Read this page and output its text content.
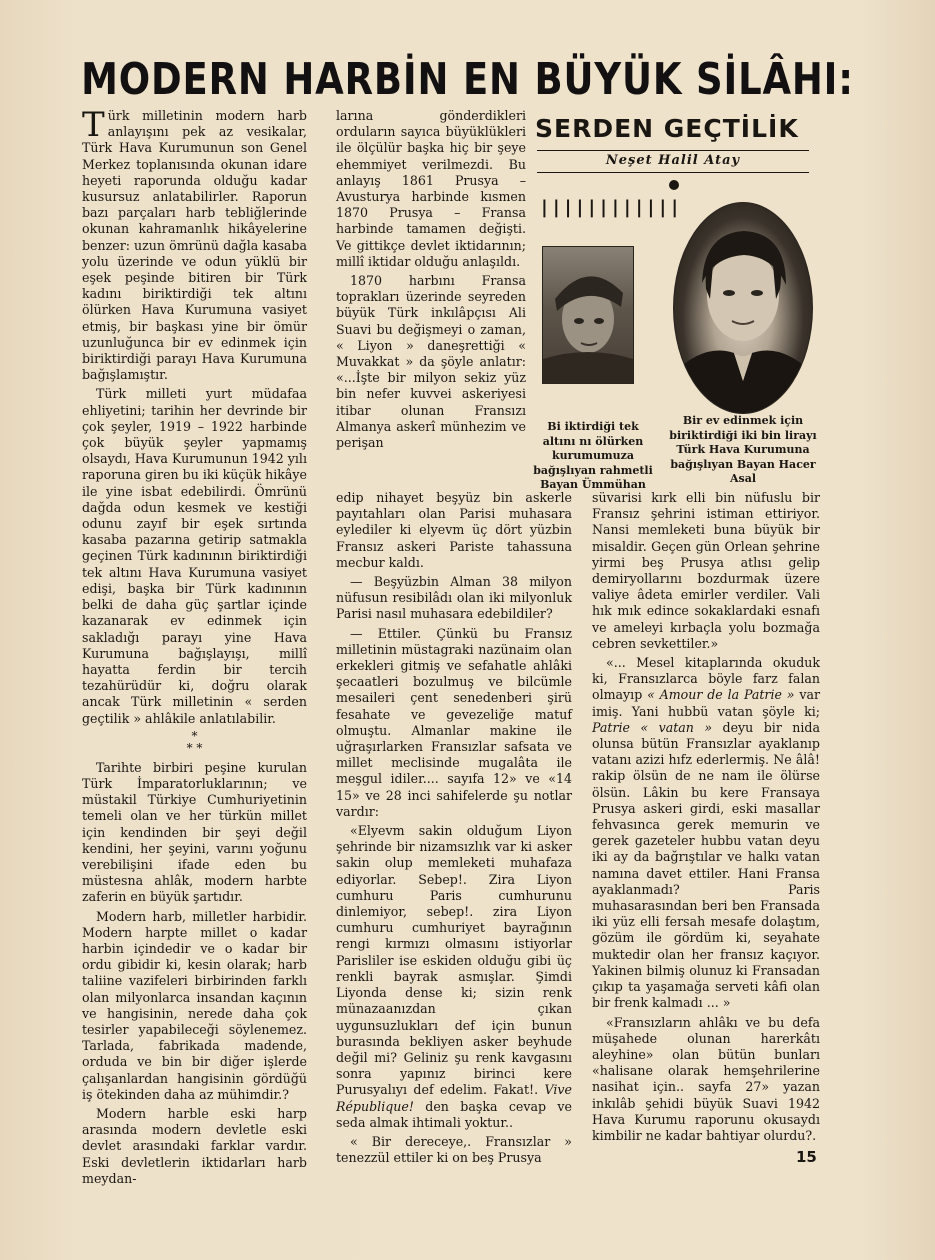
MODERN HARBİN EN BÜYÜK SİLÂHI:

Türk milletinin modern harb anlayışını pek az vesikalar, Türk Hava Kurumunun son Genel Merkez toplanısında okunan idare heyeti raporunda olduğu kadar kusursuz anlatabilirler. Raporun bazı parçaları harb tebliğlerinde okunan kahramanlık hikâyelerine benzer: uzun ömrünü dağla kasaba yolu üzerinde ve odun yüklü bir eşek peşinde bitiren bir Türk kadını biriktirdiği tek altını ölürken Hava Kurumuna vasiyet etmiş, bir başkası yine bir ömür uzunluğunca bir ev edinmek için biriktirdiği parayı Hava Kurumuna bağışlamıştır.

Türk milleti yurt müdafaa ehliyetini; tarihin her devrinde bir çok şeyler, 1919 – 1922 harbinde çok büyük şeyler yapmamış olsaydı, Hava Kurumunun 1942 yılı raporuna giren bu iki küçük hikâye ile yine isbat edebilirdi. Ömrünü dağda odun kesmek ve kestiği odunu zayıf bir eşek sırtında kasaba pazarına getirip satmakla geçinen Türk kadınının biriktirdiği tek altını Hava Kurumuna vasiyet edişi, başka bir Türk kadınının belki de daha güç şartlar içinde kazanarak ev edinmek için sakladığı parayı yine Hava Kurumuna bağışlayışı, millî hayatta ferdin bir tercih tezahürüdür ki, doğru olarak ancak Türk milletinin « serden geçtilik » ahlâkile anlatılabilir.

*
* *

Tarihte birbiri peşine kurulan Türk İmparatorluklarının; ve müstakil Türkiye Cumhuriyetinin temeli olan ve her türkün millet için kendinden bir şeyi değil kendini, her şeyini, varını yoğunu verebilişini ifade eden bu müstesna ahlâk, modern harbte zaferin en büyük şartıdır.

Modern harb, milletler harbidir. Modern harpte millet o kadar harbin içindedir ve o kadar bir ordu gibidir ki, kesin olarak; harb taliine vazifeleri birbirinden farklı olan milyonlarca insandan kaçının ve hangisinin, nerede daha çok tesirler yapabileceği söylenemez. Tarlada, fabrikada madende, orduda ve bin bir diğer işlerde çalışanlardan hangisinin gördüğü iş ötekinden daha az mühimdir.?

Modern harble eski harp arasında modern devletle eski devlet arasındaki farklar vardır. Eski devletlerin iktidarları harb meydan-

larına gönderdikleri orduların sayıca büyüklükleri ile ölçülür başka hiç bir şeye ehemmiyet verilmezdi. Bu anlayış 1861 Prusya – Avusturya harbinde kısmen 1870 Prusya – Fransa harbinde tamamen değişti. Ve gittikçe devlet iktidarının; millî iktidar olduğu anlaşıldı.

1870 harbını Fransa toprakları üzerinde seyreden büyük Türk inkılâpçısı Ali Suavi bu değişmeyi o zaman, « Liyon » daneşrettiği « Muvakkat » da şöyle anlatır: «...İşte bir milyon sekiz yüz bin nefer kuvvei askeriyesi itibar olunan Fransızı Almanya askerî münhezim ve perişan

SERDEN GEÇTİLİK
Neşet Halil Atay
||||||||||||
Bi iktirdiği tek altını nı ölürken kurumumuza bağışlıyan rahmetli Bayan Ümmühan
Bir ev edinmek için biriktirdiği iki bin lirayı Türk Hava Kurumuna bağışlıyan Bayan Hacer Asal

edip nihayet beşyüz bin askerle payıtahları olan Parisi muhasara eylediler ki elyevm üç dört yüzbin Fransız askeri Pariste tahassuna mecbur kaldı.

— Beşyüzbin Alman 38 milyon nüfusun resibilâdı olan iki milyonluk Parisi nasıl muhasara edebildiler?

— Ettiler. Çünkü bu Fransız milletinin müstagraki nazünaim olan erkekleri gitmiş ve sefahatle ahlâki şecaatleri bozulmuş ve bilcümle mesaileri çent senedenberi şirü fesahate ve gevezeliğe matuf olmuştu. Almanlar makine ile uğraşırlarken Fransızlar safsata ve millet meclisinde mugalâta ile meşgul idiler.... sayıfa 12» ve «14 15» ve 28 inci sahifelerde şu notlar vardır:

«Elyevm sakin olduğum Liyon şehrinde bir nizamsızlık var ki asker sakin olup memleketi muhafaza ediyorlar. Sebep!. Zira Liyon cumhuru Paris cumhurunu dinlemiyor, sebep!. zira Liyon cumhuru cumhuriyet bayrağının rengi kırmızı olmasını istiyorlar Parisliler ise eskiden olduğu gibi üç renkli bayrak asmışlar. Şimdi Liyonda dense ki; sizin renk münazaanızdan çıkan uygunsuzlukları def için bunun burasında bekliyen asker beyhude değil mi? Geliniz şu renk kavgasını sonra yapınız birinci kere Purusyalıyı def edelim. Fakat!. Vive République! den başka cevap ve seda almak ihtimali yoktur..

« Bir dereceye,. Fransızlar » tenezzül ettiler ki on beş Prusya

süvarisi kırk elli bin nüfuslu bir Fransız şehrini istiman ettiriyor. Nansi memleketi buna büyük bir misaldir. Geçen gün Orlean şehrine yirmi beş Prusya atlısı gelip demiryollarını bozdurmak üzere valiye âdeta emirler verdiler. Vali hık mık edince sokaklardaki esnafı ve ameleyi kırbaçla yolu bozmağa cebren sevkettiler.»

«... Mesel kitaplarında okuduk ki, Fransızlarca böyle farz falan olmayıp « Amour de la Patrie » var imiş. Yani hubbü vatan şöyle ki; Patrie « vatan » deyu bir nida olunsa bütün Fransızlar ayaklanıp vatanı azizi hıfz ederlermiş. Ne âlâ! rakip ölsün de ne nam ile ölürse ölsün. Lâkin bu kere Fransaya Prusya askeri girdi, eski masallar fehvasınca gerek memurin ve gerek gazeteler hubbu vatan deyu iki ay da bağrıştılar ve halkı vatan namına davet ettiler. Hani Fransa ayaklanmadı? Paris muhasarasından beri ben Fransada iki yüz elli fersah mesafe dolaştım, gözüm ile gördüm ki, seyahate muktedir olan her fransız kaçıyor. Yakinen bilmiş olunuz ki Fransadan çıkıp ta yaşamağa serveti kâfi olan bir frenk kalmadı ... »

«Fransızların ahlâkı ve bu defa müşahede olunan harerkâtı aleyhine» olan bütün bunları «halisane olarak hemşehrilerine nasihat için.. sayfa 27» yazan inkılâb şehidi büyük Suavi 1942 Hava Kurumu raporunu okusaydı kimbilir ne kadar bahtiyar olurdu?.

15
